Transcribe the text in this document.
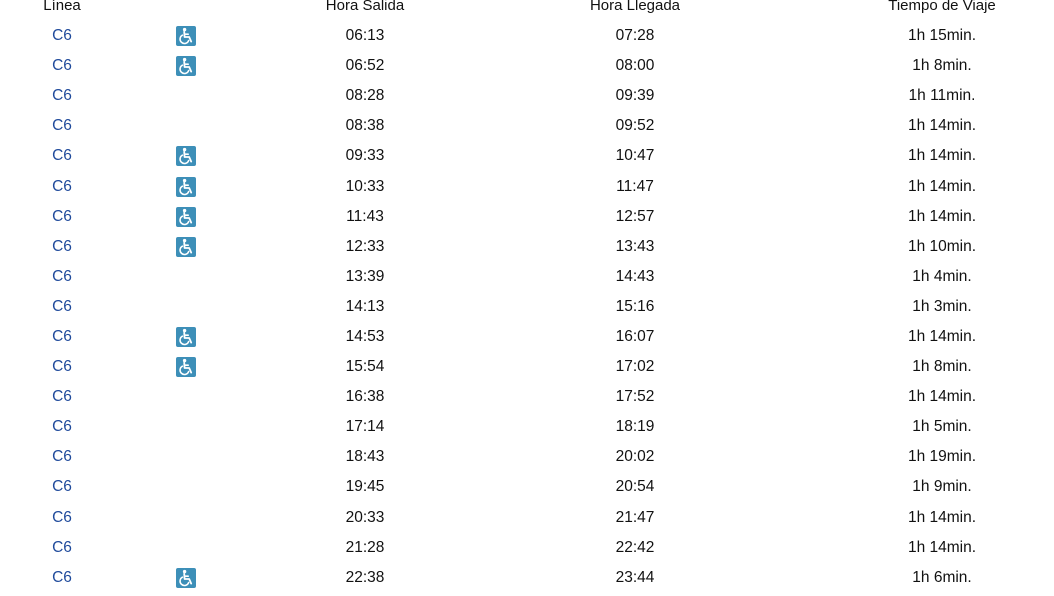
Línea	Hora Salida	Hora Llegada	Tiempo de Viaje
C6	06:13	07:28	1h 15min.
C6	06:52	08:00	1h 8min.
C6	08:28	09:39	1h 11min.
C6	08:38	09:52	1h 14min.
C6	09:33	10:47	1h 14min.
C6	10:33	11:47	1h 14min.
C6	11:43	12:57	1h 14min.
C6	12:33	13:43	1h 10min.
C6	13:39	14:43	1h 4min.
C6	14:13	15:16	1h 3min.
C6	14:53	16:07	1h 14min.
C6	15:54	17:02	1h 8min.
C6	16:38	17:52	1h 14min.
C6	17:14	18:19	1h 5min.
C6	18:43	20:02	1h 19min.
C6	19:45	20:54	1h 9min.
C6	20:33	21:47	1h 14min.
C6	21:28	22:42	1h 14min.
C6	22:38	23:44	1h 6min.
